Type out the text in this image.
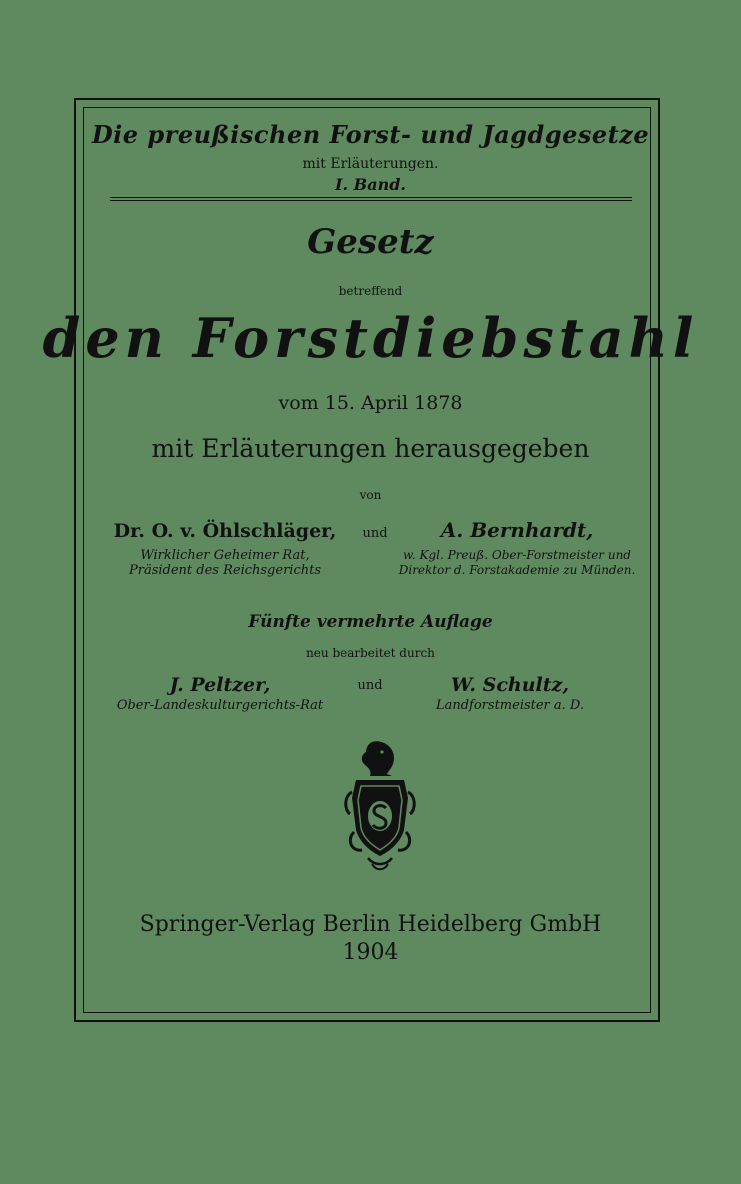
Die preußischen Forst- und Jagdgesetze
mit Erläuterungen.
I. Band.
Gesetz
betreffend
den Forstdiebstahl
vom 15. April 1878
mit Erläuterungen herausgegeben
von
Dr. O. v. Öhlschläger,
Wirklicher Geheimer Rat,
Präsident des Reichsgerichts
und	A. Bernhardt,
w. Kgl. Preuß. Ober-Forstmeister und
Direktor d. Forstakademie zu Münden.
Fünfte vermehrte Auflage
neu bearbeitet durch
J. Peltzer,
Ober-Landeskulturgerichts-Rat
und	W. Schultz,
Landforstmeister a. D.
Springer-Verlag Berlin Heidelberg GmbH
1904
